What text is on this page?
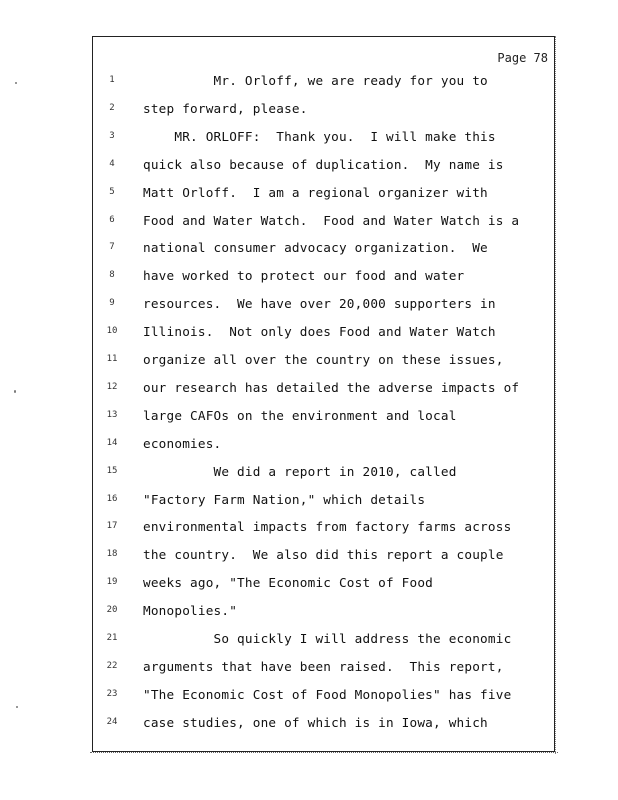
Page 78
1	Mr. Orloff, we are ready for you to
2	step forward, please.
3	MR. ORLOFF:  Thank you.  I will make this
4	quick also because of duplication.  My name is
5	Matt Orloff.  I am a regional organizer with
6	Food and Water Watch.  Food and Water Watch is a
7	national consumer advocacy organization.  We
8	have worked to protect our food and water
9	resources.  We have over 20,000 supporters in
10	Illinois.  Not only does Food and Water Watch
11	organize all over the country on these issues,
12	our research has detailed the adverse impacts of
13	large CAFOs on the environment and local
14	economies.
15	We did a report in 2010, called
16	"Factory Farm Nation," which details
17	environmental impacts from factory farms across
18	the country.  We also did this report a couple
19	weeks ago, "The Economic Cost of Food
20	Monopolies."
21	So quickly I will address the economic
22	arguments that have been raised.  This report,
23	"The Economic Cost of Food Monopolies" has five
24	case studies, one of which is in Iowa, which
